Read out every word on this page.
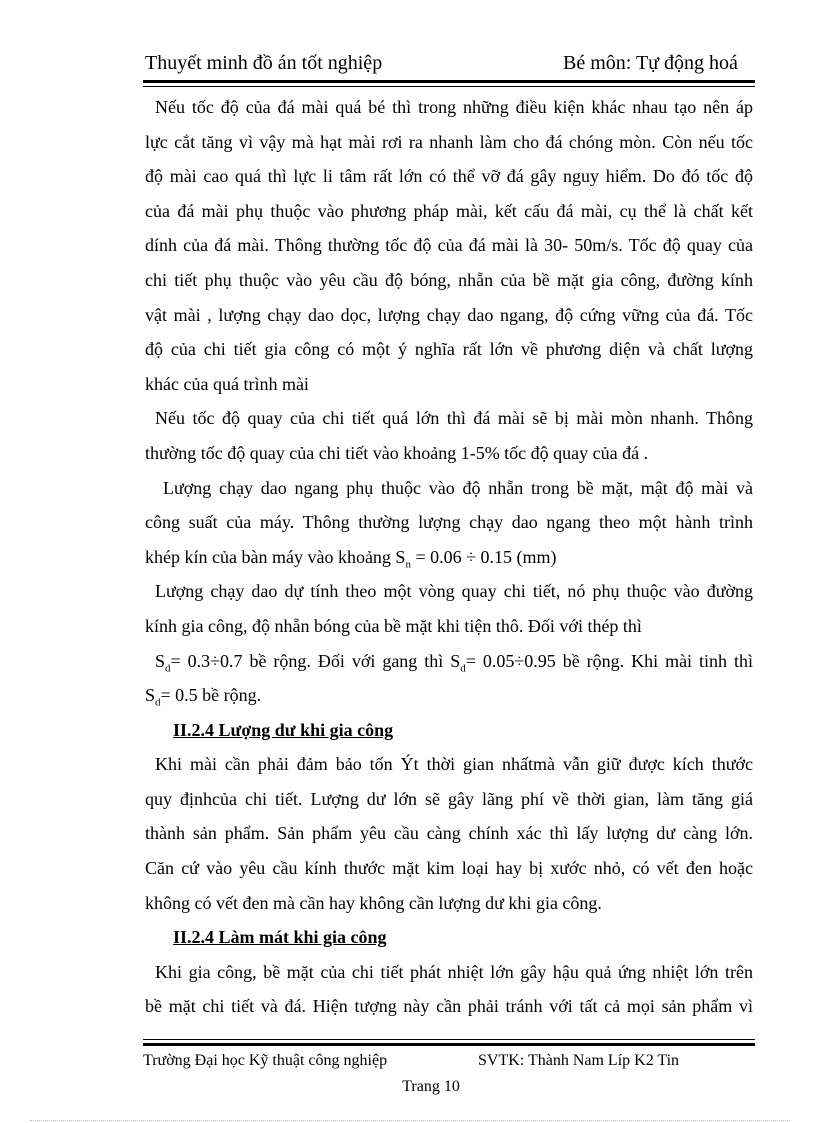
Thuyết minh đồ án tốt nghiệp	Bé môn: Tự động hoá
Nếu tốc độ của đá mài quá bé thì trong những điều kiện khác nhau tạo nên áp
lực cắt tăng vì vậy mà hạt mài rơi ra nhanh làm cho đá chóng mòn. Còn nếu tốc
độ mài cao quá thì lực li tâm rất lớn có thể vỡ đá gây nguy hiểm. Do đó tốc độ
của đá mài phụ thuộc vào phương pháp mài, kết cấu đá mài, cụ thể là chất kết
dính của đá mài. Thông thường tốc độ của đá mài là 30- 50m/s. Tốc độ quay của
chi tiết phụ thuộc vào yêu cầu độ bóng, nhẵn của bề mặt gia công, đường kính
vật mài , lượng chạy dao dọc, lượng chạy dao ngang, độ cứng vững của đá. Tốc
độ của chi tiết gia công có một ý nghĩa rất lớn về phương diện và chất lượng
khác của quá trình mài
Nếu tốc độ quay của chi tiết quá lớn thì đá mài sẽ bị mài mòn nhanh. Thông
thường tốc độ quay của chi tiết vào khoảng 1-5% tốc độ quay của đá .
Lượng chạy dao ngang phụ thuộc vào độ nhẵn trong bề mặt, mật độ mài và
công suất của máy. Thông thường lượng chạy dao ngang theo một hành trình
khép kín của bàn máy vào khoảng $S_n = 0.06 \div 0.15$ (mm)
Lượng chạy dao dự tính theo một vòng quay chi tiết, nó phụ thuộc vào đường
kính gia công, độ nhẵn bóng của bề mặt khi tiện thô. Đối với thép thì
$S_d= 0.3\div 0.7$ bề rộng. Đối với gang thì $S_d= 0.05\div 0.95$ bề rộng. Khi mài tinh thì
$S_d= 0.5$ bề rộng.
II.2.4 Lượng dư khi gia công
Khi mài cần phải đảm bảo tốn Ýt thời gian nhấtmà vẫn giữ được kích thước
quy địnhcủa chi tiết. Lượng dư lớn sẽ gây lãng phí về thời gian, làm tăng giá
thành sản phẩm. Sản phẩm yêu cầu càng chính xác thì lấy lượng dư càng lớn.
Căn cứ vào yêu cầu kính thước mặt kim loại hay bị xước nhỏ, có vết đen hoặc
không có vết đen mà cần hay không cần lượng dư khi gia công.
II.2.4 Làm mát khi gia công
Khi gia công, bề mặt của chi tiết phát nhiệt lớn gây hậu quả ứng nhiệt lớn trên
bề mặt chi tiết và đá. Hiện tượng này cần phải tránh với tất cả mọi sản phẩm vì
Trường Đại học Kỹ thuật công nghiệp	SVTK: Thành Nam Líp K2 Tin
Trang 10
